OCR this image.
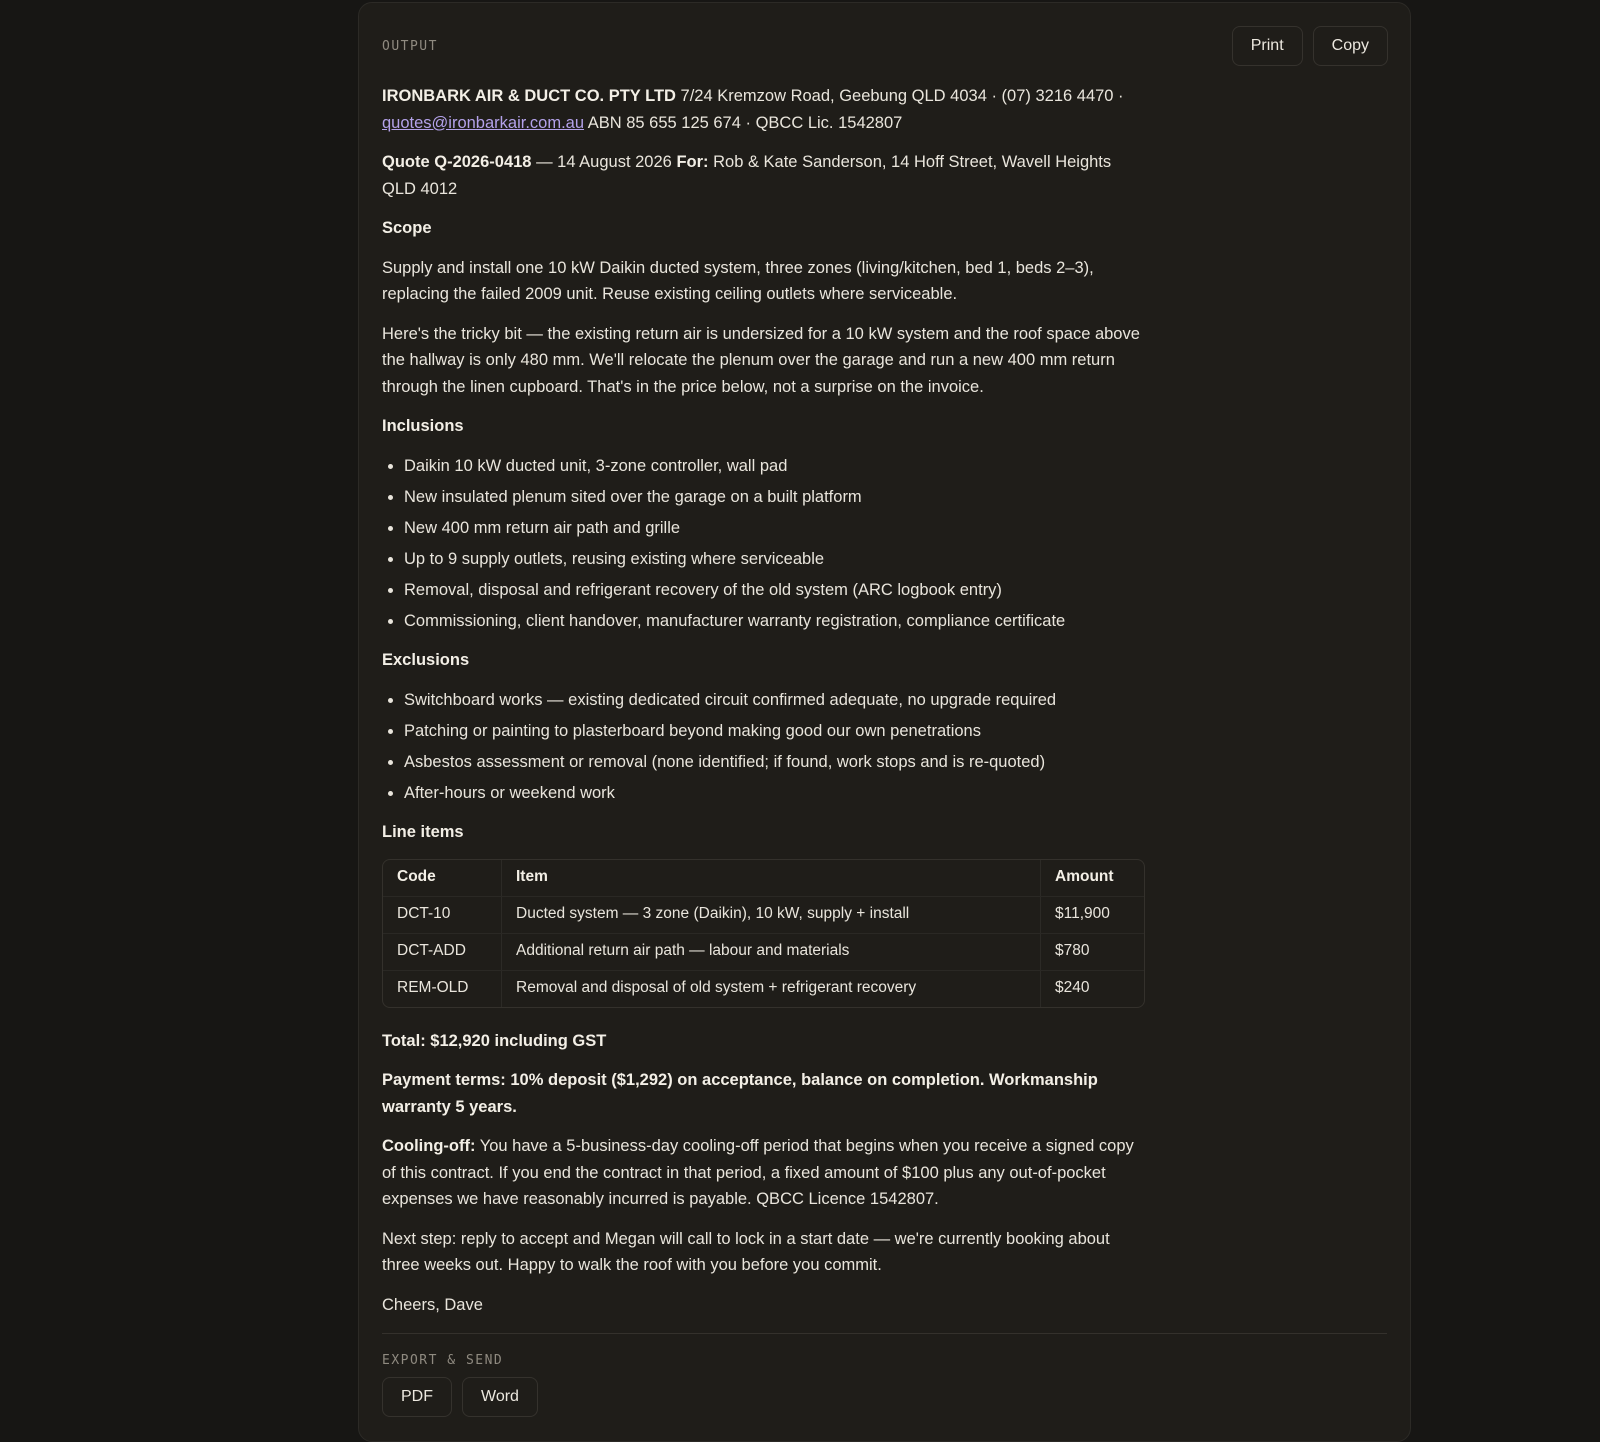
OUTPUT	Print	Copy

IRONBARK AIR & DUCT CO. PTY LTD 7/24 Kremzow Road, Geebung QLD 4034 · (07) 3216 4470 · quotes@ironbarkair.com.au ABN 85 655 125 674 · QBCC Lic. 1542807

Quote Q-2026-0418 — 14 August 2026 For: Rob & Kate Sanderson, 14 Hoff Street, Wavell Heights QLD 4012

Scope

Supply and install one 10 kW Daikin ducted system, three zones (living/kitchen, bed 1, beds 2–3), replacing the failed 2009 unit. Reuse existing ceiling outlets where serviceable.

Here's the tricky bit — the existing return air is undersized for a 10 kW system and the roof space above the hallway is only 480 mm. We'll relocate the plenum over the garage and run a new 400 mm return through the linen cupboard. That's in the price below, not a surprise on the invoice.

Inclusions

• Daikin 10 kW ducted unit, 3-zone controller, wall pad
• New insulated plenum sited over the garage on a built platform
• New 400 mm return air path and grille
• Up to 9 supply outlets, reusing existing where serviceable
• Removal, disposal and refrigerant recovery of the old system (ARC logbook entry)
• Commissioning, client handover, manufacturer warranty registration, compliance certificate

Exclusions

• Switchboard works — existing dedicated circuit confirmed adequate, no upgrade required
• Patching or painting to plasterboard beyond making good our own penetrations
• Asbestos assessment or removal (none identified; if found, work stops and is re-quoted)
• After-hours or weekend work

Line items

Code	Item	Amount
DCT-10	Ducted system — 3 zone (Daikin), 10 kW, supply + install	$11,900
DCT-ADD	Additional return air path — labour and materials	$780
REM-OLD	Removal and disposal of old system + refrigerant recovery	$240

Total: $12,920 including GST

Payment terms: 10% deposit ($1,292) on acceptance, balance on completion. Workmanship warranty 5 years.

Cooling-off: You have a 5-business-day cooling-off period that begins when you receive a signed copy of this contract. If you end the contract in that period, a fixed amount of $100 plus any out-of-pocket expenses we have reasonably incurred is payable. QBCC Licence 1542807.

Next step: reply to accept and Megan will call to lock in a start date — we're currently booking about three weeks out. Happy to walk the roof with you before you commit.

Cheers, Dave

EXPORT & SEND
PDF	Word
